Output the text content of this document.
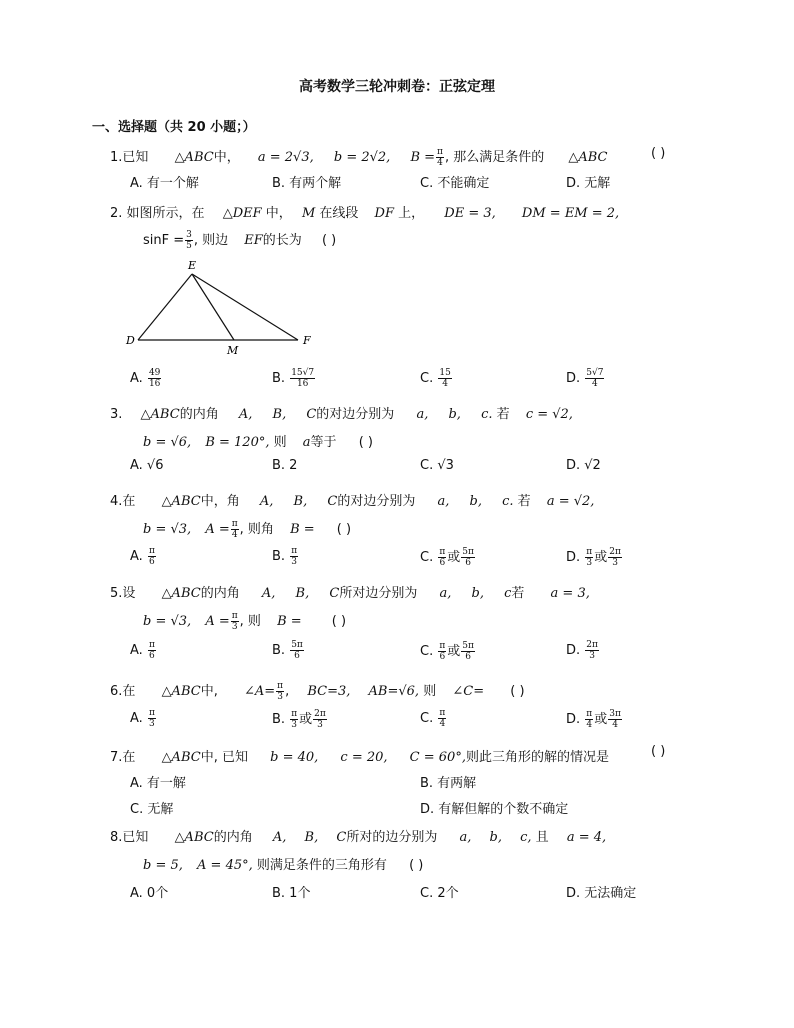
高考数学三轮冲刺卷：正弦定理
一、选择题（共 20 小题；）
1.已知 △ABC中， a = 2√3, b = 2√2, $B = \frac{\pi}{4}$ , 那么满足条件的 △ABC	( )
A. 有一个解	B. 有两个解	C. 不能确定	D. 无解
2. 如图所示，在 △DEF 中， M 在线段 DF 上， DE = 3, DM = EM = 2,
$\sin F = \frac{3}{5}$ , 则边 EF的长为 ( )
E
D
M
F
A. $\frac{49}{16}$	B. $\frac{15√7}{16}$	C. $\frac{15}{4}$	D. $\frac{5√7}{4}$
3. △ABC的内角 A, B, C的对边分别为 a, b, c. 若 c = √2,
b = √6, B = 120°, 则 a等于 ( )
A. √6	B. 2	C. √3	D. √2
4.在 △ABC中，角 A, B, C的对边分别为 a, b, c. 若 a = √2,
b = √3, $A = \frac{\pi}{4}$ , 则角 B = ( )
A. $\frac{\pi}{6}$	B. $\frac{\pi}{3}$	C. $\frac{\pi}{6}$ 或 $\frac{5\pi}{6}$	D. $\frac{\pi}{3}$ 或 $\frac{2\pi}{3}$
5.设 △ABC的内角 A, B, C所对边分别为 a, b, c若 a = 3,
b = √3, $A = \frac{\pi}{3}$ , 则 B = ( )
A. $\frac{\pi}{6}$	B. $\frac{5\pi}{6}$	C. $\frac{\pi}{6}$ 或 $\frac{5\pi}{6}$	D. $\frac{2\pi}{3}$
6.在 △ABC中, ∠A= $\frac{\pi}{3}$ , BC=3, AB=√6, 则 ∠C= ( )
A. $\frac{\pi}{3}$	B. $\frac{\pi}{3}$ 或 $\frac{2\pi}{3}$	C. $\frac{\pi}{4}$	D. $\frac{\pi}{4}$ 或 $\frac{3\pi}{4}$
7.在 △ABC中, 已知 b = 40, c = 20, C = 60°,则此三角形的解的情况是	( )
A. 有一解	B. 有两解
C. 无解	D. 有解但解的个数不确定
8.已知 △ABC的内角 A, B, C所对的边分别为 a, b, c, 且 a = 4,
b = 5, A = 45°, 则满足条件的三角形有 ( )
A. 0个	B. 1个	C. 2个	D. 无法确定
